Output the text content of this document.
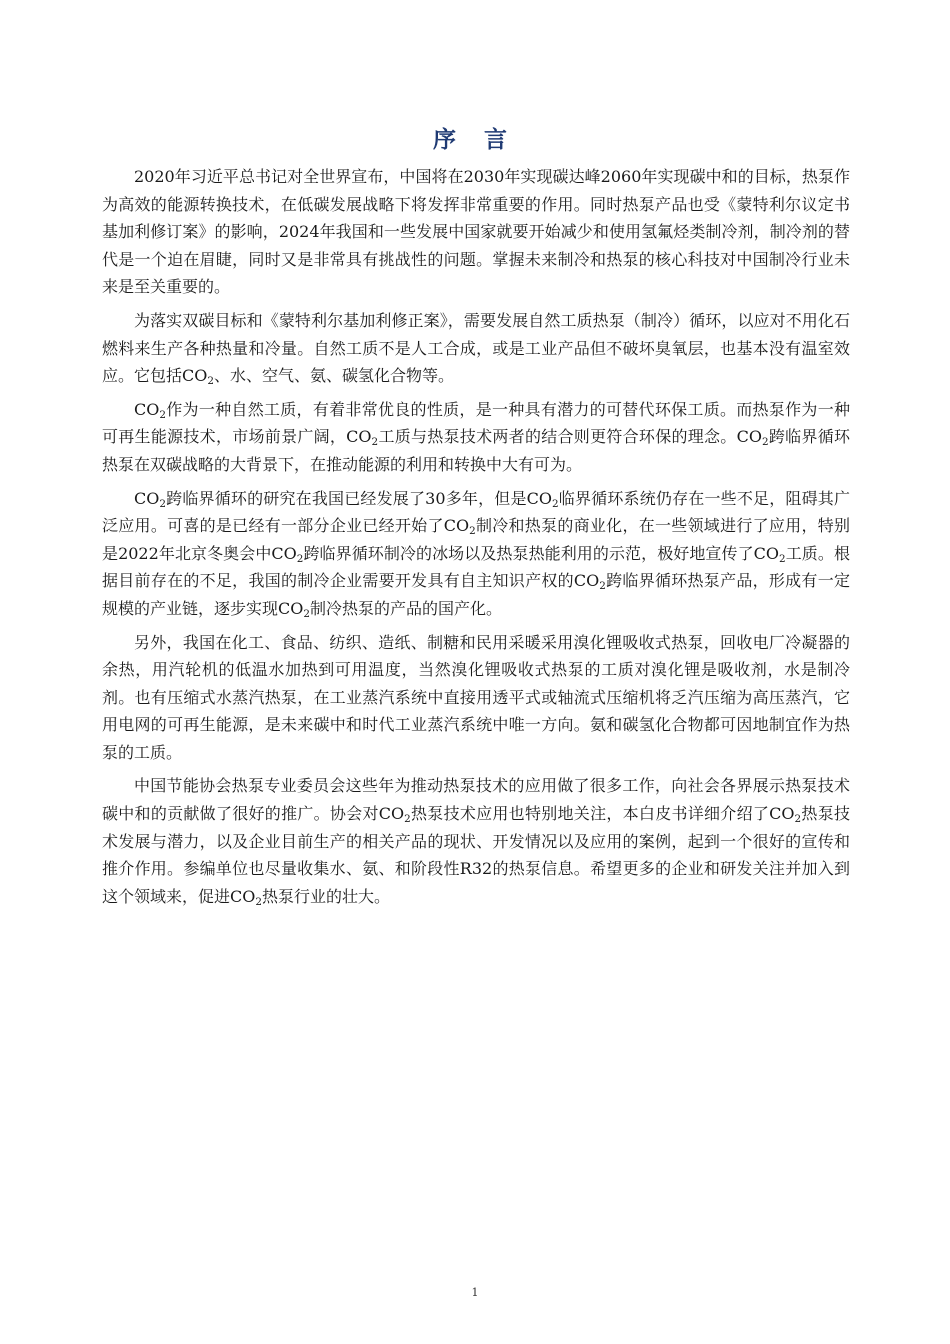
序 言

2020年习近平总书记对全世界宣布，中国将在2030年实现碳达峰2060年实现碳中和的目标，热泵作为高效的能源转换技术，在低碳发展战略下将发挥非常重要的作用。同时热泵产品也受《蒙特利尔议定书基加利修订案》的影响，2024年我国和一些发展中国家就要开始减少和使用氢氟烃类制冷剂，制冷剂的替代是一个迫在眉睫，同时又是非常具有挑战性的问题。掌握未来制冷和热泵的核心科技对中国制冷行业未来是至关重要的。

为落实双碳目标和《蒙特利尔基加利修正案》，需要发展自然工质热泵（制冷）循环，以应对不用化石燃料来生产各种热量和冷量。自然工质不是人工合成，或是工业产品但不破坏臭氧层，也基本没有温室效应。它包括$CO_2$、水、空气、氨、碳氢化合物等。

$CO_2$作为一种自然工质，有着非常优良的性质，是一种具有潜力的可替代环保工质。而热泵作为一种可再生能源技术，市场前景广阔，$CO_2$工质与热泵技术两者的结合则更符合环保的理念。$CO_2$跨临界循环热泵在双碳战略的大背景下，在推动能源的利用和转换中大有可为。

$CO_2$跨临界循环的研究在我国已经发展了30多年，但是$CO_2$临界循环系统仍存在一些不足，阻碍其广泛应用。可喜的是已经有一部分企业已经开始了$CO_2$制冷和热泵的商业化，在一些领域进行了应用，特别是2022年北京冬奥会中$CO_2$跨临界循环制冷的冰场以及热泵热能利用的示范，极好地宣传了$CO_2$工质。根据目前存在的不足，我国的制冷企业需要开发具有自主知识产权的$CO_2$跨临界循环热泵产品，形成有一定规模的产业链，逐步实现$CO_2$制冷热泵的产品的国产化。

另外，我国在化工、食品、纺织、造纸、制糖和民用采暖采用溴化锂吸收式热泵，回收电厂冷凝器的余热，用汽轮机的低温水加热到可用温度，当然溴化锂吸收式热泵的工质对溴化锂是吸收剂，水是制冷剂。也有压缩式水蒸汽热泵，在工业蒸汽系统中直接用透平式或轴流式压缩机将乏汽压缩为高压蒸汽，它用电网的可再生能源，是未来碳中和时代工业蒸汽系统中唯一方向。氨和碳氢化合物都可因地制宜作为热泵的工质。

中国节能协会热泵专业委员会这些年为推动热泵技术的应用做了很多工作，向社会各界展示热泵技术碳中和的贡献做了很好的推广。协会对$CO_2$热泵技术应用也特别地关注，本白皮书详细介绍了$CO_2$热泵技术发展与潜力，以及企业目前生产的相关产品的现状、开发情况以及应用的案例，起到一个很好的宣传和推介作用。参编单位也尽量收集水、氨、和阶段性R32的热泵信息。希望更多的企业和研发关注并加入到这个领域来，促进$CO_2$热泵行业的壮大。

1
